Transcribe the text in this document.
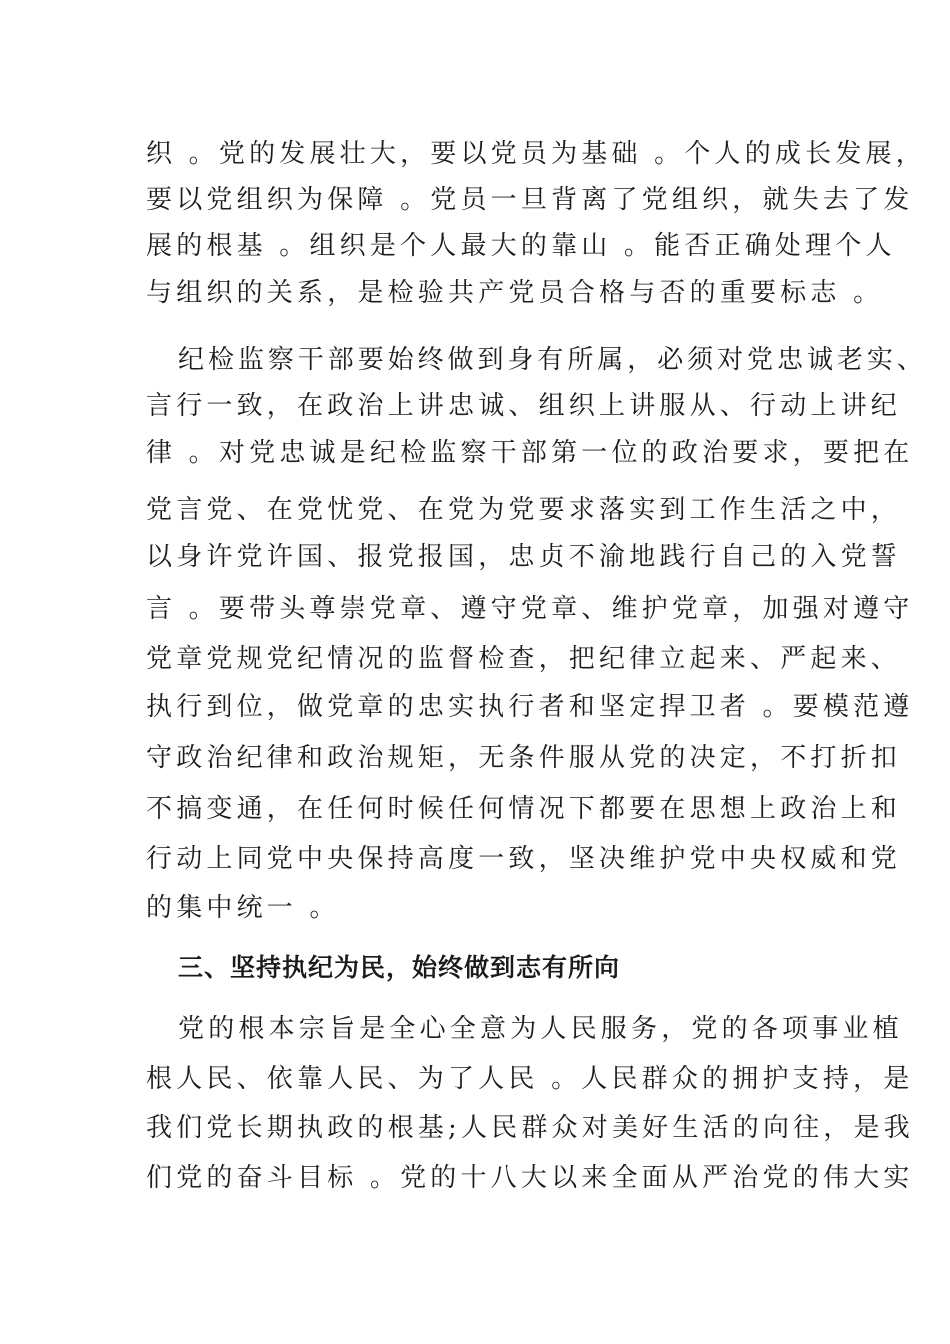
织 。党的发展壮大，要以党员为基础 。个人的成长发展，
要以党组织为保障 。党员一旦背离了党组织，就失去了发
展的根基 。组织是个人最大的靠山 。能否正确处理个人
与组织的关系，是检验共产党员合格与否的重要标志 。
纪检监察干部要始终做到身有所属，必须对党忠诚老实、
言行一致，在政治上讲忠诚、组织上讲服从、行动上讲纪
律 。对党忠诚是纪检监察干部第一位的政治要求，要把在
党言党、在党忧党、在党为党要求落实到工作生活之中，
以身许党许国、报党报国，忠贞不渝地践行自己的入党誓
言 。要带头尊崇党章、遵守党章、维护党章，加强对遵守
党章党规党纪情况的监督检查，把纪律立起来、严起来、
执行到位，做党章的忠实执行者和坚定捍卫者 。要模范遵
守政治纪律和政治规矩，无条件服从党的决定，不打折扣
不搞变通，在任何时候任何情况下都要在思想上政治上和
行动上同党中央保持高度一致，坚决维护党中央权威和党
的集中统一 。
三、坚持执纪为民，始终做到志有所向
党的根本宗旨是全心全意为人民服务，党的各项事业植
根人民、依靠人民、为了人民 。人民群众的拥护支持，是
我们党长期执政的根基;人民群众对美好生活的向往，是我
们党的奋斗目标 。党的十八大以来全面从严治党的伟大实
